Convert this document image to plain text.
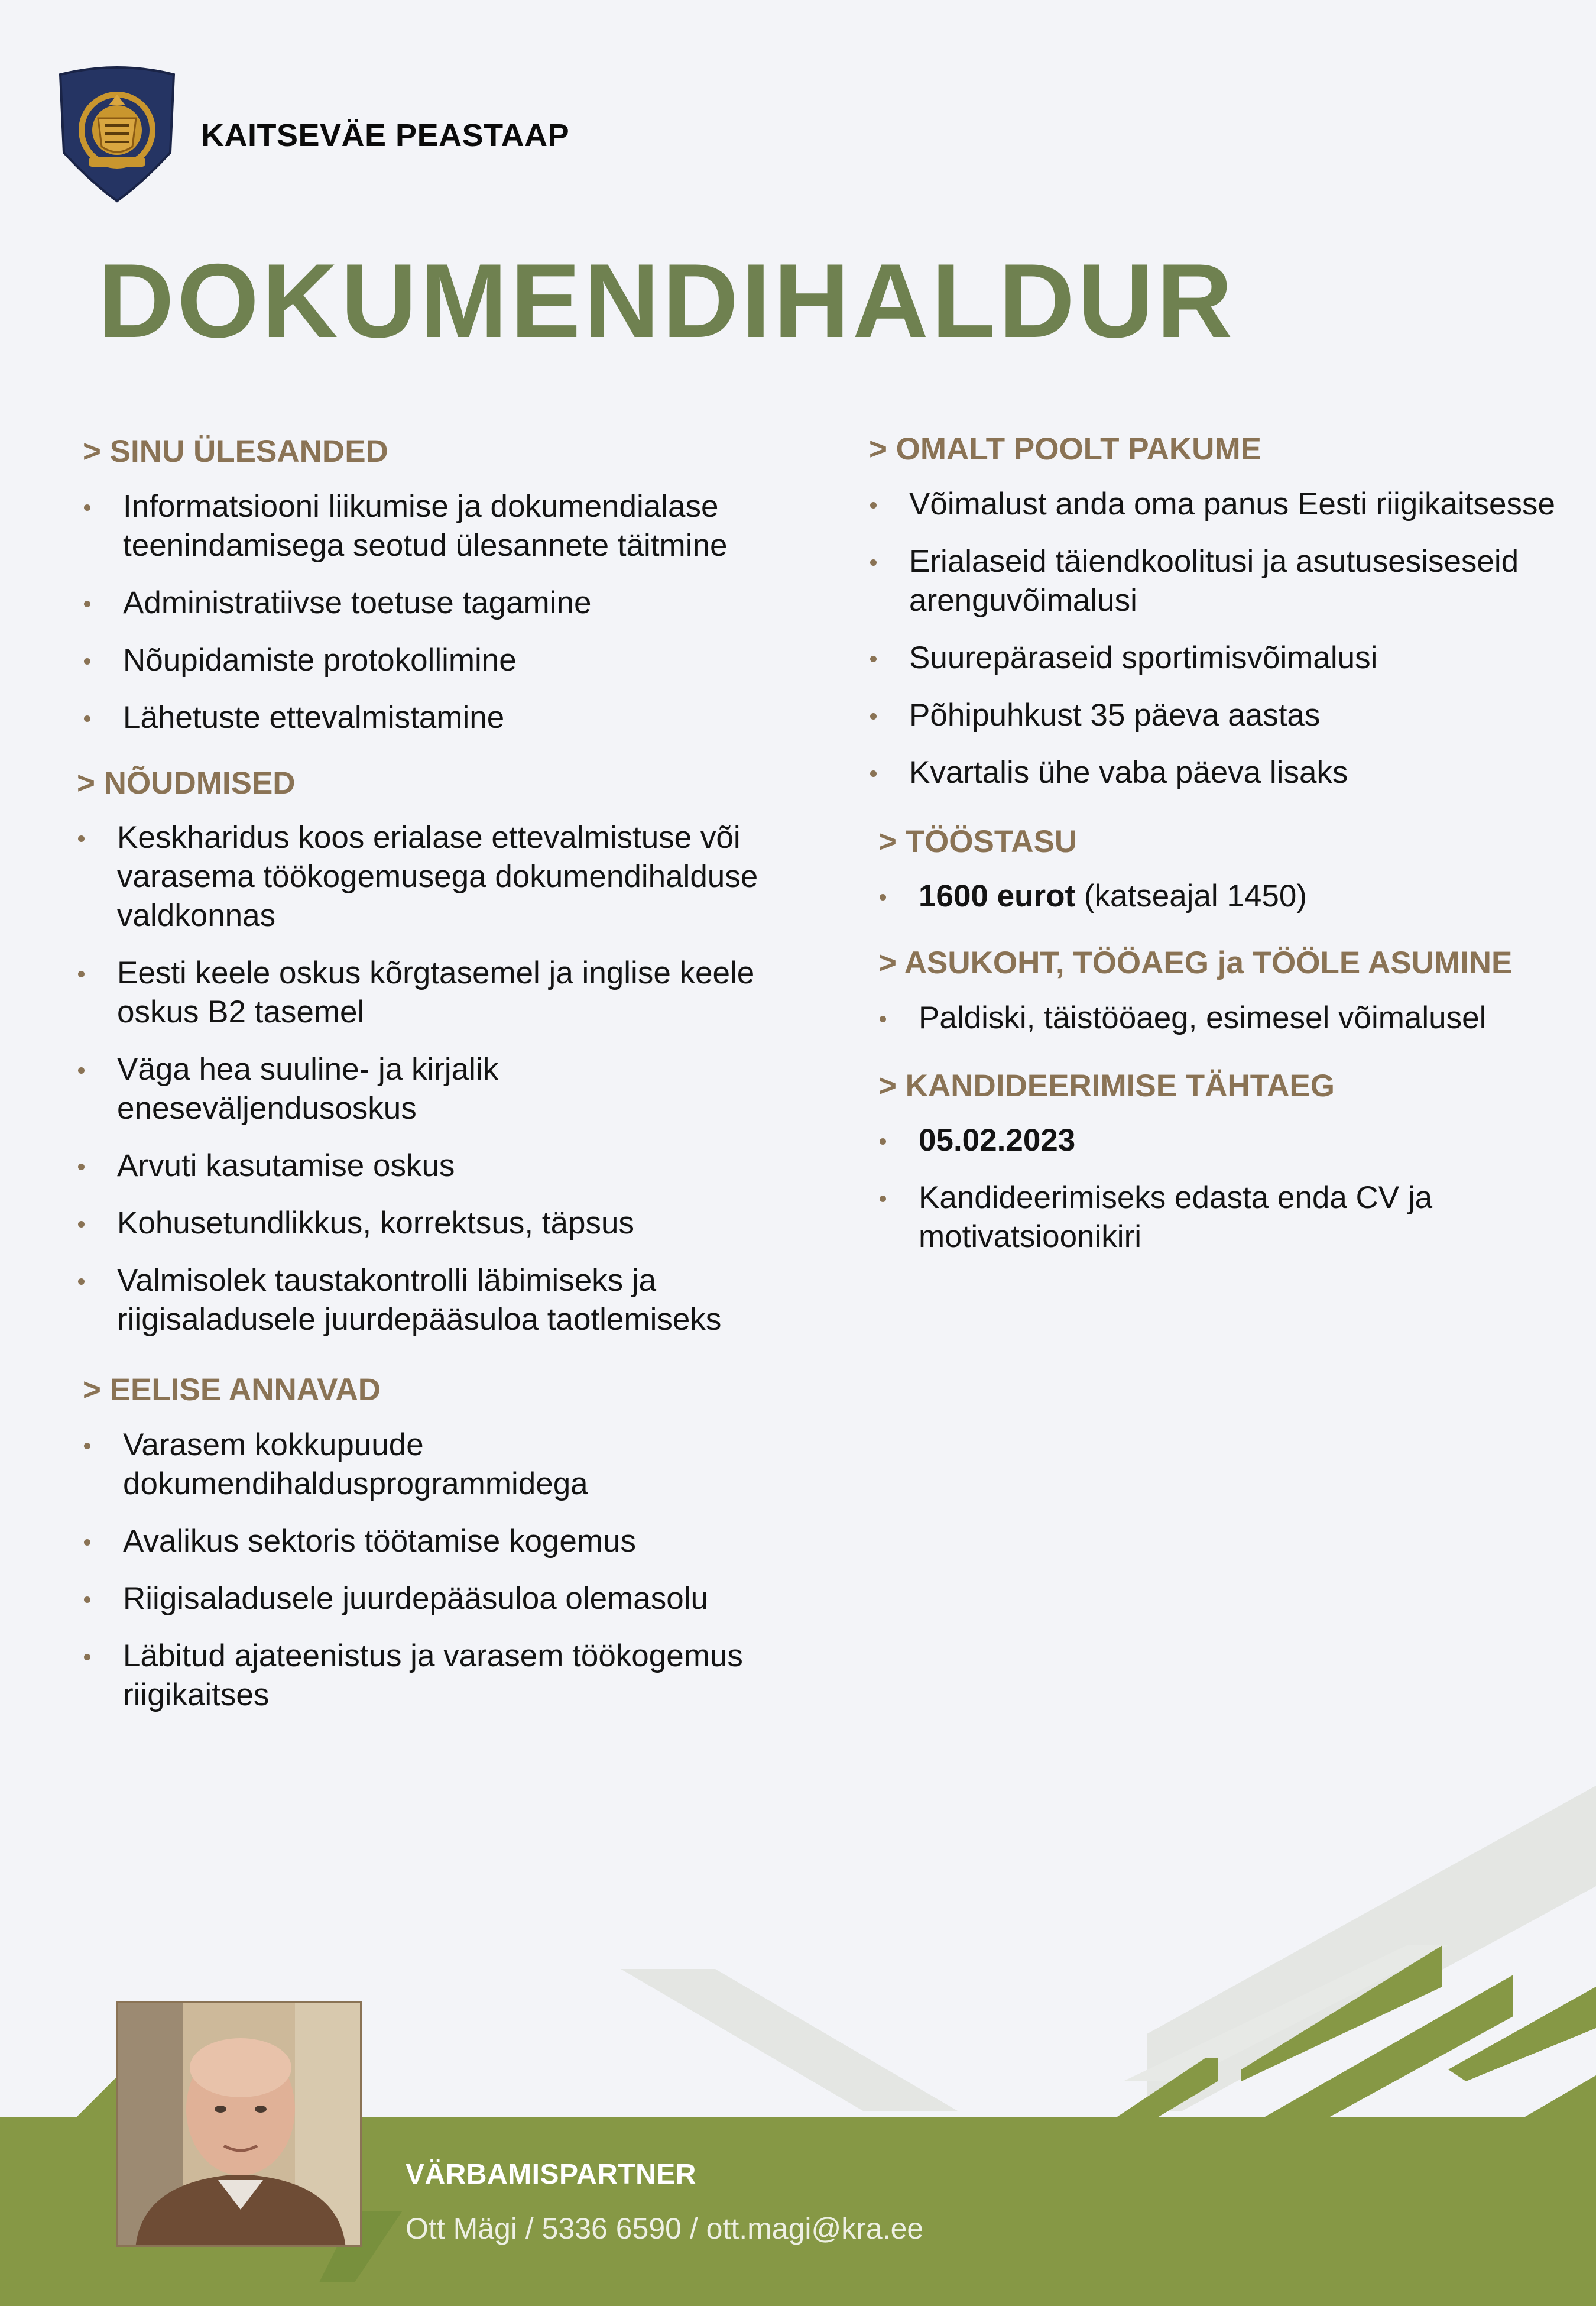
KAITSEVÄE PEASTAAP
DOKUMENDIHALDUR
> SINU ÜLESANDED
Informatsiooni liikumise ja dokumendialase teenindamisega seotud ülesannete täitmine
Administratiivse toetuse tagamine
Nõupidamiste protokollimine
Lähetuste ettevalmistamine
> NÕUDMISED
Keskharidus koos erialase ettevalmistuse või varasema töökogemusega dokumendihalduse valdkonnas
Eesti keele oskus kõrgtasemel ja inglise keele oskus B2 tasemel
Väga hea suuline- ja kirjalik eneseväljendusoskus
Arvuti kasutamise oskus
Kohusetundlikkus, korrektsus, täpsus
Valmisolek taustakontrolli läbimiseks ja riigisaladusele juurdepääsuloa taotlemiseks
> EELISE ANNAVAD
Varasem kokkupuude dokumendihaldusprogrammidega
Avalikus sektoris töötamise kogemus
Riigisaladusele juurdepääsuloa olemasolu
Läbitud ajateenistus ja varasem töökogemus riigikaitses
> OMALT POOLT PAKUME
Võimalust anda oma panus Eesti riigikaitsesse
Erialaseid täiendkoolitusi ja asutusesiseseid arenguvõimalusi
Suurepäraseid sportimisvõimalusi
Põhipuhkust 35 päeva aastas
Kvartalis ühe vaba päeva lisaks
> TÖÖSTASU
1600 eurot (katseajal 1450)
> ASUKOHT, TÖÖAEG ja TÖÖLE ASUMINE
Paldiski, täistööaeg, esimesel võimalusel
> KANDIDEERIMISE TÄHTAEG
05.02.2023
Kandideerimiseks edasta enda CV ja motivatsioonikiri
VÄRBAMISPARTNER
Ott Mägi / 5336 6590 / ott.magi@kra.ee
